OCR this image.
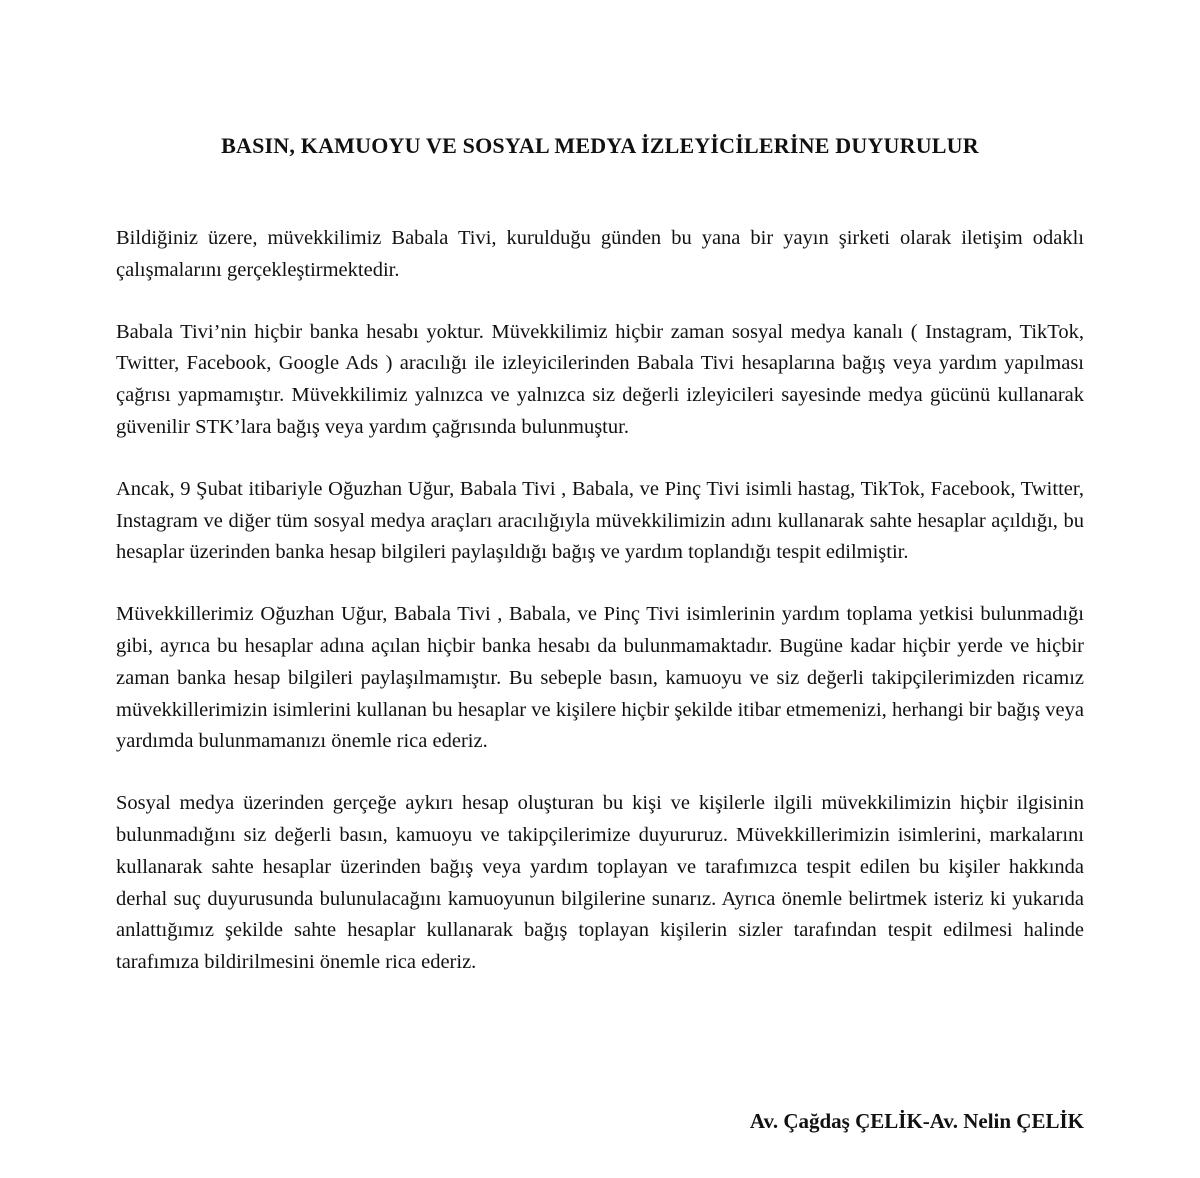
BASIN, KAMUOYU VE SOSYAL MEDYA İZLEYİCİLERİNE DUYURULUR

Bildiğiniz üzere, müvekkilimiz Babala Tivi, kurulduğu günden bu yana bir yayın şirketi olarak iletişim odaklı çalışmalarını gerçekleştirmektedir.

Babala Tivi’nin hiçbir banka hesabı yoktur. Müvekkilimiz hiçbir zaman sosyal medya kanalı ( Instagram, TikTok, Twitter, Facebook, Google Ads ) aracılığı ile izleyicilerinden Babala Tivi hesaplarına bağış veya yardım yapılması çağrısı yapmamıştır. Müvekkilimiz yalnızca ve yalnızca siz değerli izleyicileri sayesinde medya gücünü kullanarak güvenilir STK’lara bağış veya yardım çağrısında bulunmuştur.

Ancak, 9 Şubat itibariyle Oğuzhan Uğur, Babala Tivi , Babala, ve Pinç Tivi isimli hastag, TikTok, Facebook, Twitter, Instagram ve diğer tüm sosyal medya araçları aracılığıyla müvekkilimizin adını kullanarak sahte hesaplar açıldığı, bu hesaplar üzerinden banka hesap bilgileri paylaşıldığı bağış ve yardım toplandığı tespit edilmiştir.

Müvekkillerimiz Oğuzhan Uğur, Babala Tivi , Babala, ve Pinç Tivi isimlerinin yardım toplama yetkisi bulunmadığı gibi, ayrıca bu hesaplar adına açılan hiçbir banka hesabı da bulunmamaktadır. Bugüne kadar hiçbir yerde ve hiçbir zaman banka hesap bilgileri paylaşılmamıştır. Bu sebeple basın, kamuoyu ve siz değerli takipçilerimizden ricamız müvekkillerimizin isimlerini kullanan bu hesaplar ve kişilere hiçbir şekilde itibar etmemenizi, herhangi bir bağış veya yardımda bulunmamanızı önemle rica ederiz.

Sosyal medya üzerinden gerçeğe aykırı hesap oluşturan bu kişi ve kişilerle ilgili müvekkilimizin hiçbir ilgisinin bulunmadığını siz değerli basın, kamuoyu ve takipçilerimize duyururuz. Müvekkillerimizin isimlerini, markalarını kullanarak sahte hesaplar üzerinden bağış veya yardım toplayan ve tarafımızca tespit edilen bu kişiler hakkında derhal suç duyurusunda bulunulacağını kamuoyunun bilgilerine sunarız. Ayrıca önemle belirtmek isteriz ki yukarıda anlattığımız şekilde sahte hesaplar kullanarak bağış toplayan kişilerin sizler tarafından tespit edilmesi halinde tarafımıza bildirilmesini önemle rica ederiz.

Av. Çağdaş ÇELİK-Av. Nelin ÇELİK
